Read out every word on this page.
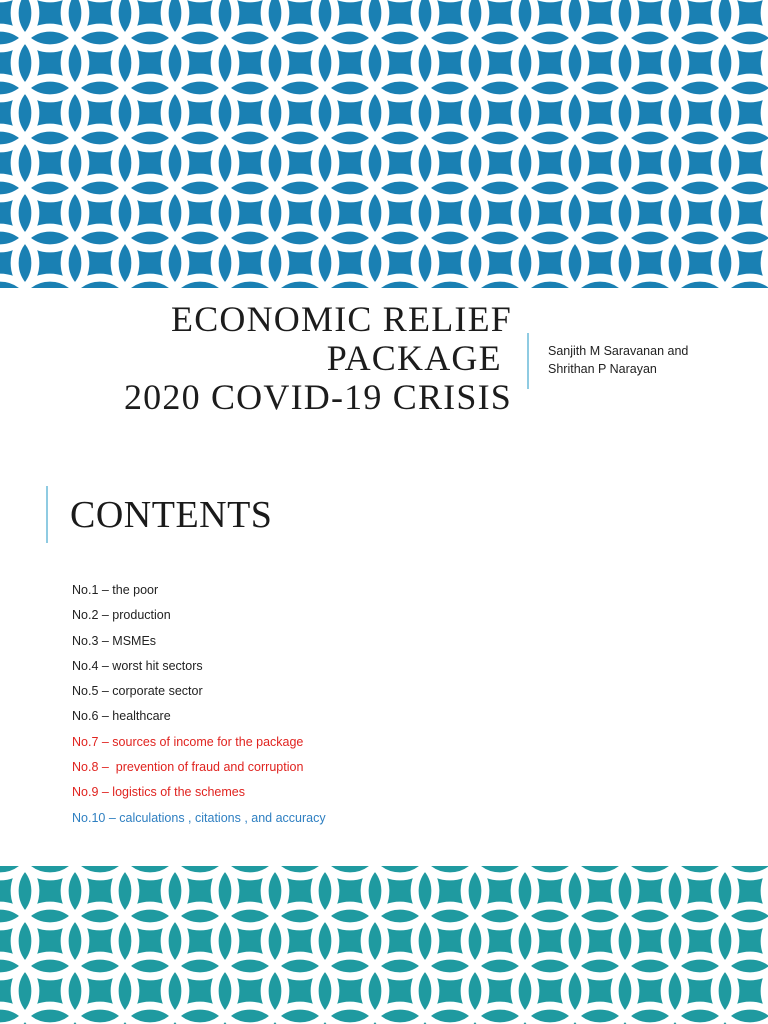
ECONOMIC RELIEF
PACKAGE
2020 COVID-19 CRISIS
Sanjith M Saravanan and
Shrithan P Narayan
CONTENTS
No.1 – the poor
No.2 – production
No.3 – MSMEs
No.4 – worst hit sectors
No.5 – corporate sector
No.6 – healthcare
No.7 – sources of income for the package
No.8 –  prevention of fraud and corruption
No.9 – logistics of the schemes
No.10 – calculations , citations , and accuracy
